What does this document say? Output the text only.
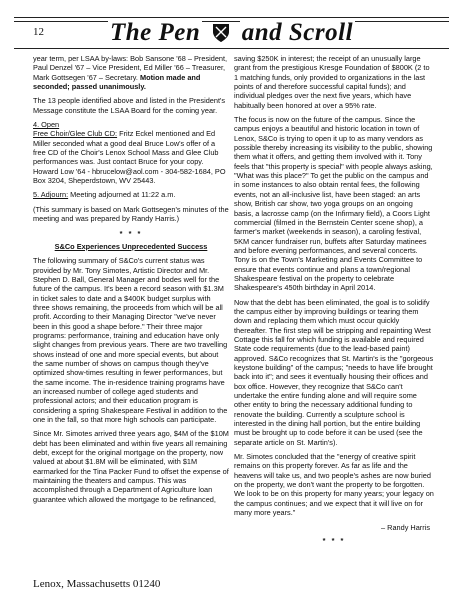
12	The Pen and Scroll

year term, per LSAA by-laws: Bob Sansone '68 – President, Paul Denzel '67 – Vice President, Ed Miller '66 – Treasurer, Mark Gottsegen '67 – Secretary. Motion made and seconded; passed unanimously.

The 13 people identified above and listed in the President's Message constitute the LSAA Board for the coming year.

4. Open

Free Choir/Glee Club CD: Fritz Eckel mentioned and Ed Miller seconded what a good deal Bruce Low's offer of a free CD of the Choir's Lenox School Mass and Glee Club performances was. Just contact Bruce for your copy. Howard Low '64 - hbrucelow@aol.com - 304-582-1684, PO Box 3204, Sheperdstown, WV 25443.

5. Adjourn: Meeting adjourned at 11:22 a.m.

(This summary is based on Mark Gottsegen's minutes of the meeting and was prepared by Randy Harris.)

* * *

S&Co Experiences Unprecedented Success

The following summary of S&Co's current status was provided by Mr. Tony Simotes, Artistic Director and Mr. Stephen D. Ball, General Manager and bodes well for the future of the campus. It's been a record season with $1.3M in ticket sales to date and a $400K budget surplus with three shows remaining, the proceeds from which will be all profit. According to their Managing Director "we've never been in this good a shape before." Their three major programs: performance, training and education have only slight changes from previous years. There are two travelling shows instead of one and more special events, but about the same number of shows on campus though they've optimized show-times resulting in fewer performances, but the same income. The in-residence training programs have an increased number of college aged students and professional actors; and their education program is considering a spring Shakespeare Festival in addition to the one in the fall, so that more high schools can participate.

Since Mr. Simotes arrived three years ago, $4M of the $10M debt has been eliminated and within five years all remaining debt, except for the original mortgage on the property, now valued at about $1.8M will be eliminated, with $1M earmarked for the Tina Packer Fund to offset the expense of maintaining the theaters and campus. This was accomplished through a Department of Agriculture loan guarantee which allowed the mortgage to be refinanced,

saving $250K in interest; the receipt of an unusually large grant from the prestigious Kresge Foundation of $800K (2 to 1 matching funds, only provided to organizations in the last points of and therefore successful capital funds); and individual pledges over the next five years, which have habitually been honored at over a 95% rate.

The focus is now on the future of the campus. Since the campus enjoys a beautiful and historic location in town of Lenox, S&Co is trying to open it up to as many vendors as possible thereby increasing its visibility to the public, showing them what it offers, and getting them involved with it. Tony feels that "this property is special" with people always asking, "What was this place?" To get the public on the campus and in some instances to also obtain rental fees, the following events, not an all-inclusive list, have been staged: an arts show, British car show, two yoga groups on an ongoing basis, a lacrosse camp (on the Infirmary field), a Coors Light commercial (filmed in the Bernstein Center scene shop), a farmer's market (weekends in season), a caroling festival, 5KM cancer fundraiser run, buffets after Saturday matinees and before evening performances, and several concerts. Tony is on the Town's Marketing and Events Committee to ensure that events continue and plans a town/regional Shakespeare festival on the property to celebrate Shakespeare's 450th birthday in April 2014.

Now that the debt has been eliminated, the goal is to solidify the campus either by improving buildings or tearing them down and replacing them which must occur quickly thereafter. The first step will be stripping and repainting West Cottage this fall for which funding is available and required State code requirements (due to the lead-based paint) approved. S&Co recognizes that St. Martin's is the "gorgeous keystone building" of the campus; "needs to have life brought back into it"; and sees it eventually housing their offices and box office. However, they recognize that S&Co can't undertake the entire funding alone and will require some other entity to bring the necessary additional funding to renovate the building. Currently a sculpture school is interested in the dining hall portion, but the entire building must be brought up to code before it can be used (see the separate article on St. Martin's).

Mr. Simotes concluded that the "energy of creative spirit remains on this property forever. As far as life and the heavens will take us, and two people's ashes are now buried on the property, we don't want the property to be forgotten. We look to be on this property for many years; your legacy on the campus continues; and we expect that it will live on for many more years."

– Randy Harris

* * *

Lenox, Massachusetts 01240
